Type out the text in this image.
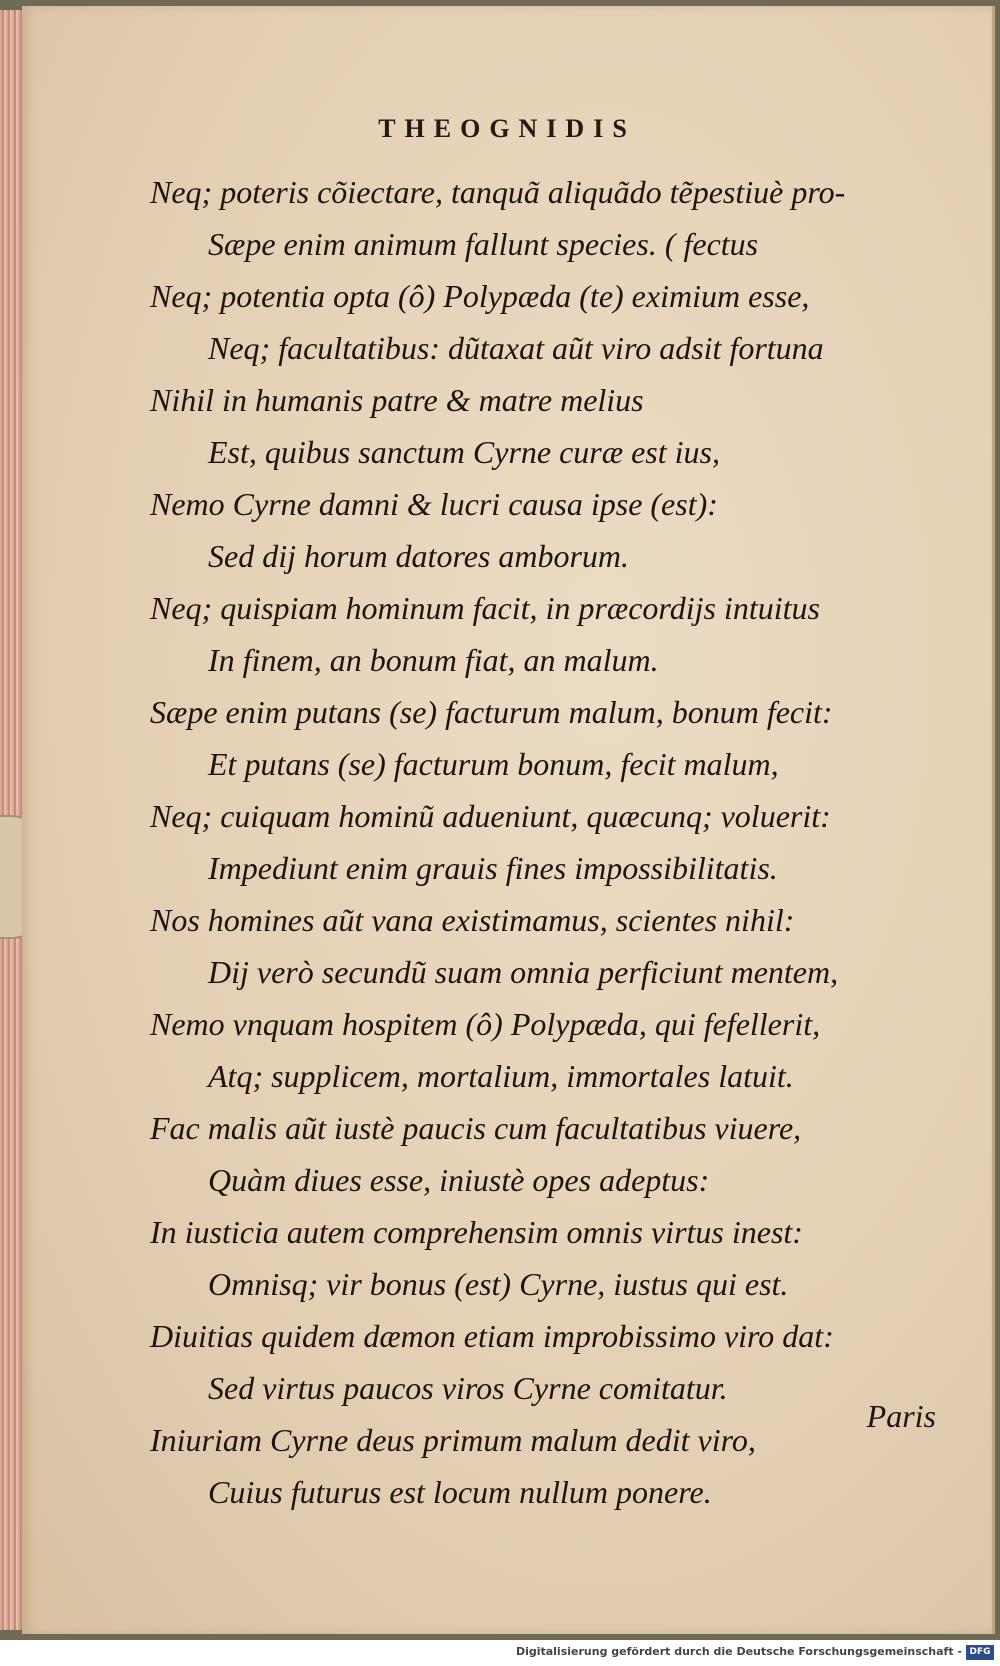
THEOGNIDIS
Neq; poteris cõiectare, tanquã aliquãdo tẽpestiuè pro-
Sæpe enim animum fallunt species. ( fectus
Neq; potentia opta (ô) Polypæda (te) eximium esse,
Neq; facultatibus: dũtaxat aũt viro adsit fortuna
Nihil in humanis patre & matre melius
Est, quibus sanctum Cyrne curæ est ius,
Nemo Cyrne damni & lucri causa ipse (est):
Sed dij horum datores amborum.
Neq; quispiam hominum facit, in præcordijs intuitus
In finem, an bonum fiat, an malum.
Sæpe enim putans (se) facturum malum, bonum fecit:
Et putans (se) facturum bonum, fecit malum,
Neq; cuiquam hominũ adueniunt, quæcunq; voluerit:
Impediunt enim grauis fines impossibilitatis.
Nos homines aũt vana existimamus, scientes nihil:
Dij verò secundũ suam omnia perficiunt mentem,
Nemo vnquam hospitem (ô) Polypæda, qui fefellerit,
Atq; supplicem, mortalium, immortales latuit.
Fac malis aũt iustè paucis cum facultatibus viuere,
Quàm diues esse, iniustè opes adeptus:
In iusticia autem comprehensim omnis virtus inest:
Omnisq; vir bonus (est) Cyrne, iustus qui est.
Diuitias quidem dæmon etiam improbissimo viro dat:
Sed virtus paucos viros Cyrne comitatur.
Iniuriam Cyrne deus primum malum dedit viro,
Cuius futurus est locum nullum ponere.
Paris
Digitalisierung gefördert durch die Deutsche Forschungsgemeinschaft - DFG
